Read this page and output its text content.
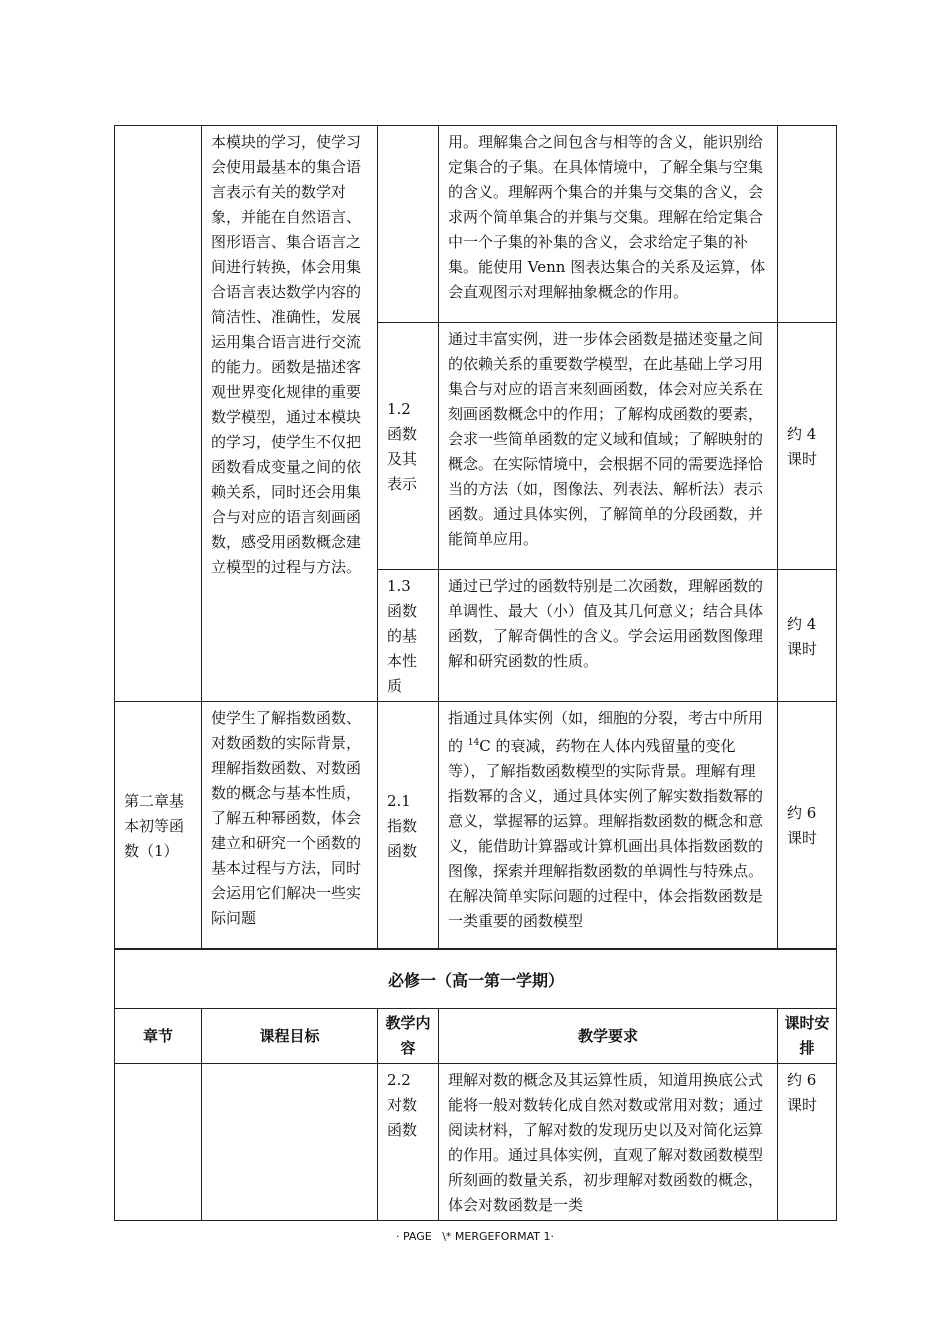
	本模块的学习，使学习会使用最基本的集合语言表示有关的数学对象，并能在自然语言、图形语言、集合语言之间进行转换，体会用集合语言表达数学内容的简洁性、准确性，发展运用集合语言进行交流的能力。函数是描述客观世界变化规律的重要数学模型，通过本模块的学习，使学生不仅把函数看成变量之间的依赖关系，同时还会用集合与对应的语言刻画函数，感受用函数概念建立模型的过程与方法。		用。理解集合之间包含与相等的含义，能识别给定集合的子集。在具体情境中，了解全集与空集的含义。理解两个集合的并集与交集的含义，会求两个简单集合的并集与交集。理解在给定集合中一个子集的补集的含义，会求给定子集的补集。能使用 Venn 图表达集合的关系及运算，体会直观图示对理解抽象概念的作用。	
		1.2 函数及其表示	通过丰富实例，进一步体会函数是描述变量之间的依赖关系的重要数学模型，在此基础上学习用集合与对应的语言来刻画函数，体会对应关系在刻画函数概念中的作用；了解构成函数的要素，会求一些简单函数的定义域和值域；了解映射的概念。在实际情境中，会根据不同的需要选择恰当的方法（如，图像法、列表法、解析法）表示函数。通过具体实例，了解简单的分段函数，并能简单应用。	约 4 课时
		1.3 函数的基本性质	通过已学过的函数特别是二次函数，理解函数的单调性、最大（小）值及其几何意义；结合具体函数，了解奇偶性的含义。学会运用函数图像理解和研究函数的性质。	约 4 课时
第二章基本初等函数（1）	使学生了解指数函数、对数函数的实际背景，理解指数函数、对数函数的概念与基本性质，了解五种幂函数，体会建立和研究一个函数的基本过程与方法，同时会运用它们解决一些实际问题	2.1 指数函数	指通过具体实例（如，细胞的分裂，考古中所用的 $^{14}$C 的衰减，药物在人体内残留量的变化等），了解指数函数模型的实际背景。理解有理指数幂的含义，通过具体实例了解实数指数幂的意义，掌握幂的运算。理解指数函数的概念和意义，能借助计算器或计算机画出具体指数函数的图像，探索并理解指数函数的单调性与特殊点。在解决简单实际问题的过程中，体会指数函数是一类重要的函数模型	约 6 课时
必修一（高一第一学期）				
章节	课程目标	教学内容	教学要求	课时安排
		2.2 对数函数	理解对数的概念及其运算性质，知道用换底公式能将一般对数转化成自然对数或常用对数；通过阅读材料，了解对数的发现历史以及对简化运算的作用。通过具体实例，直观了解对数函数模型所刻画的数量关系，初步理解对数函数的概念，体会对数函数是一类	约 6 课时
· PAGE   \* MERGEFORMAT 1·
